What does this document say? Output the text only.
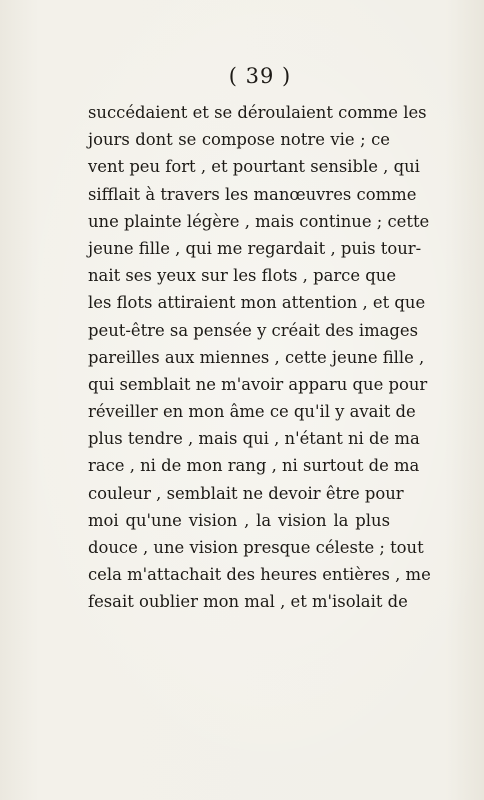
( 39 )
succédaient et se déroulaient comme les
jours dont se compose notre vie ; ce
vent peu fort , et pourtant sensible , qui
sifflait à travers les manœuvres comme
une plainte légère , mais continue ; cette
jeune fille , qui me regardait , puis tour-
nait ses yeux sur les flots , parce que
les flots attiraient mon attention , et que
peut-être sa pensée y créait des images
pareilles aux miennes , cette jeune fille ,
qui semblait ne m'avoir apparu que pour
réveiller en mon âme ce qu'il y avait de
plus tendre , mais qui , n'étant ni de ma
race , ni de mon rang , ni surtout de ma
couleur , semblait ne devoir être pour
moi qu'une vision , la vision la plus
douce , une vision presque céleste ; tout
cela m'attachait des heures entières , me
fesait oublier mon mal , et m'isolait de
